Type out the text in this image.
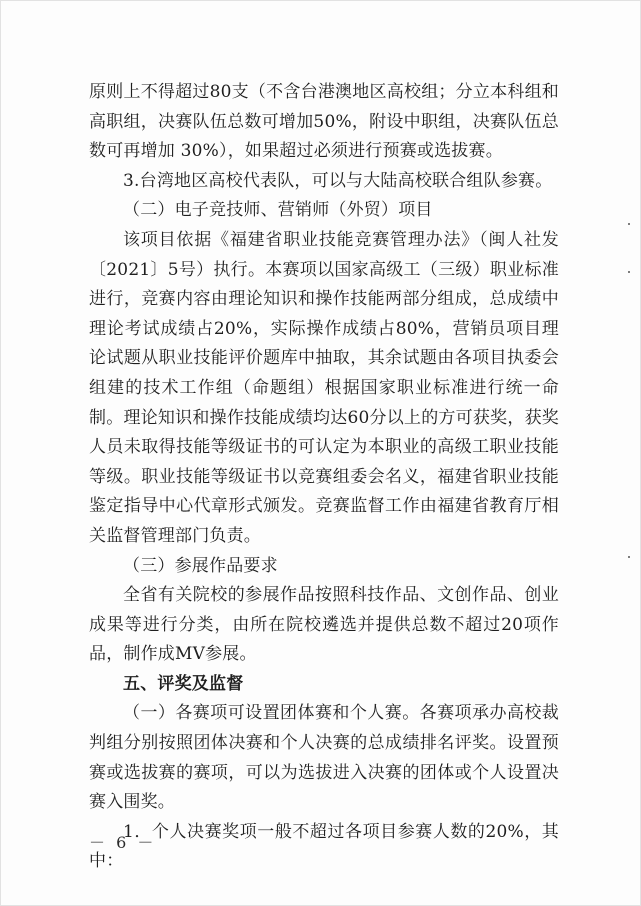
原则上不得超过80支（不含台港澳地区高校组；分立本科组和高职组，决赛队伍总数可增加50%，附设中职组，决赛队伍总数可再增加 30%），如果超过必须进行预赛或选拔赛。

3.台湾地区高校代表队，可以与大陆高校联合组队参赛。

（二）电子竞技师、营销师（外贸）项目

该项目依据《福建省职业技能竞赛管理办法》（闽人社发〔2021〕5号）执行。本赛项以国家高级工（三级）职业标准进行，竞赛内容由理论知识和操作技能两部分组成，总成绩中理论考试成绩占20%，实际操作成绩占80%，营销员项目理论试题从职业技能评价题库中抽取，其余试题由各项目执委会组建的技术工作组（命题组）根据国家职业标准进行统一命制。理论知识和操作技能成绩均达60分以上的方可获奖，获奖人员未取得技能等级证书的可认定为本职业的高级工职业技能等级。职业技能等级证书以竞赛组委会名义，福建省职业技能鉴定指导中心代章形式颁发。竞赛监督工作由福建省教育厅相关监督管理部门负责。

（三）参展作品要求

全省有关院校的参展作品按照科技作品、文创作品、创业成果等进行分类，由所在院校遴选并提供总数不超过20项作品，制作成MV参展。

五、评奖及监督

（一）各赛项可设置团体赛和个人赛。各赛项承办高校裁判组分别按照团体决赛和个人决赛的总成绩排名评奖。设置预赛或选拔赛的赛项，可以为选拔进入决赛的团体或个人设置决赛入围奖。

1．个人决赛奖项一般不超过各项目参赛人数的20%，其中：

－ 6 －
